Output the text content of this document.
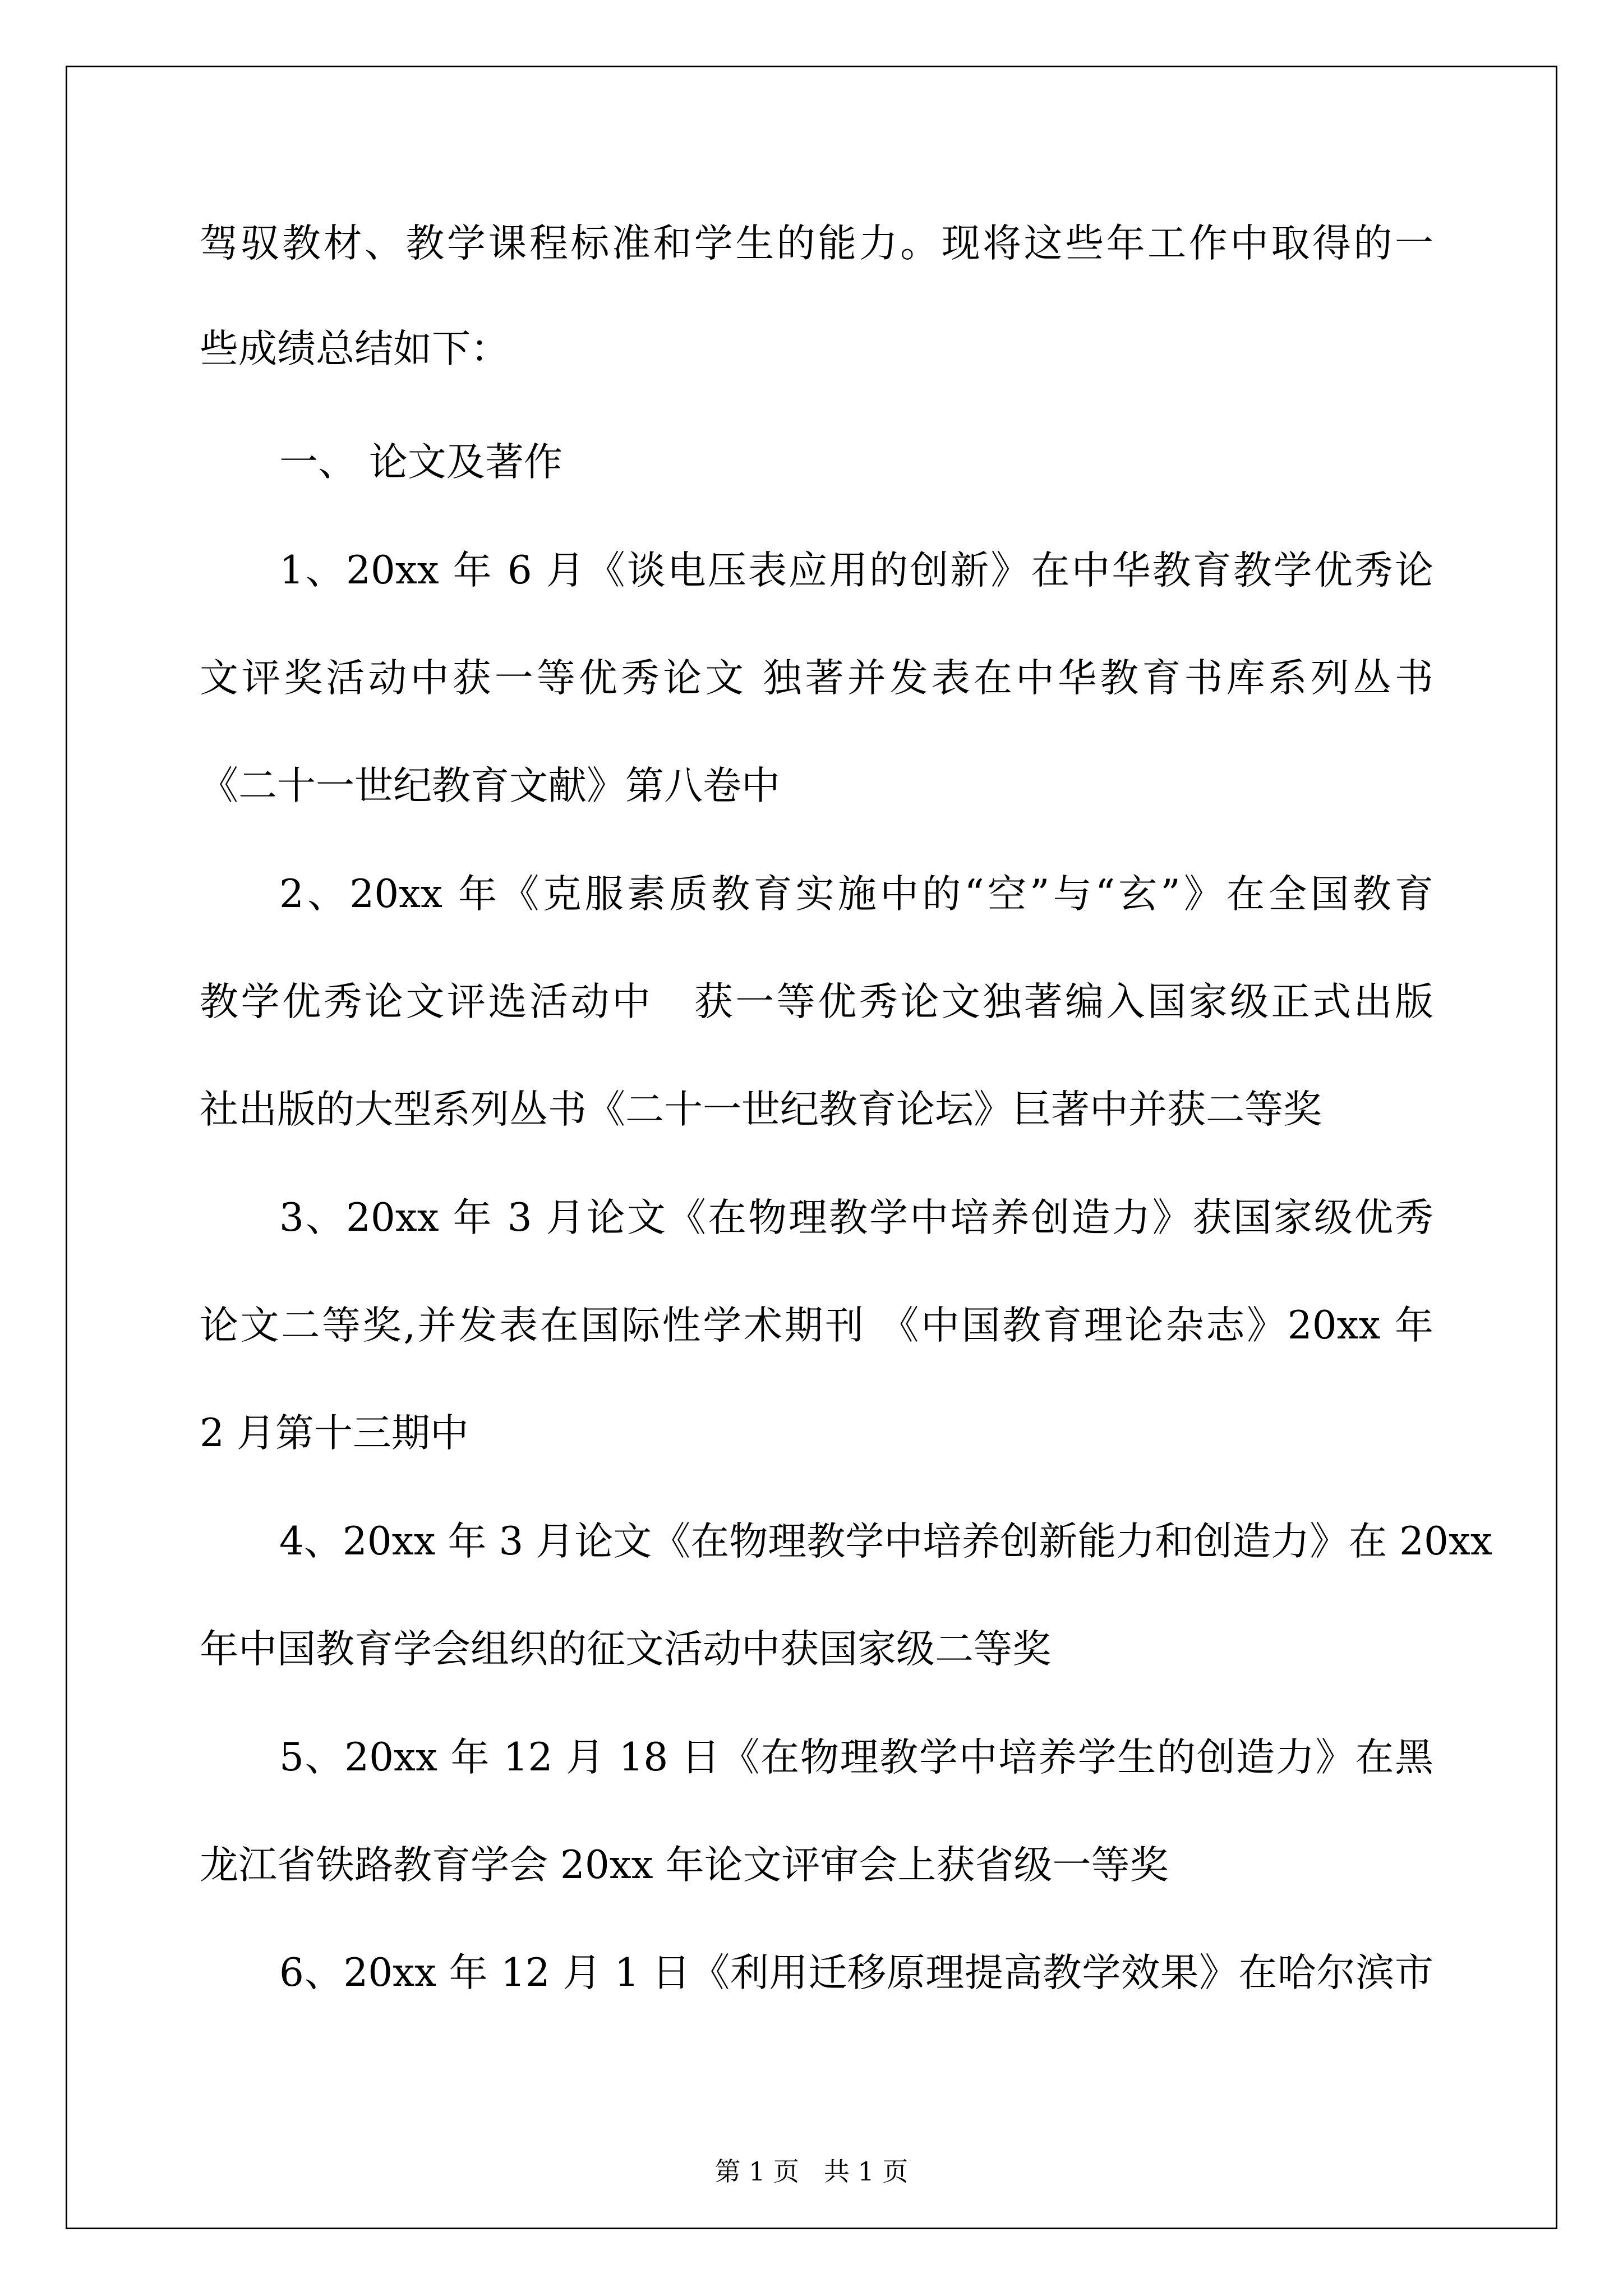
驾驭教材、教学课程标准和学生的能力。现将这些年工作中取得的一
些成绩总结如下：
一、 论文及著作
1、20xx 年 6 月《谈电压表应用的创新》在中华教育教学优秀论
文评奖活动中获一等优秀论文 独著并发表在中华教育书库系列丛书
《二十一世纪教育文献》第八卷中
2、20xx 年《克服素质教育实施中的“空”与“玄”》在全国教育
教学优秀论文评选活动中　获一等优秀论文独著编入国家级正式出版
社出版的大型系列丛书《二十一世纪教育论坛》巨著中并获二等奖
3、20xx 年 3 月论文《在物理教学中培养创造力》获国家级优秀
论文二等奖,并发表在国际性学术期刊 《中国教育理论杂志》20xx 年
2 月第十三期中
4、20xx 年 3 月论文《在物理教学中培养创新能力和创造力》在 20xx
年中国教育学会组织的征文活动中获国家级二等奖
5、20xx 年 12 月 18 日《在物理教学中培养学生的创造力》在黑
龙江省铁路教育学会 20xx 年论文评审会上获省级一等奖
6、20xx 年 12 月 1 日《利用迁移原理提高教学效果》在哈尔滨市
第 1 页   共 1 页
